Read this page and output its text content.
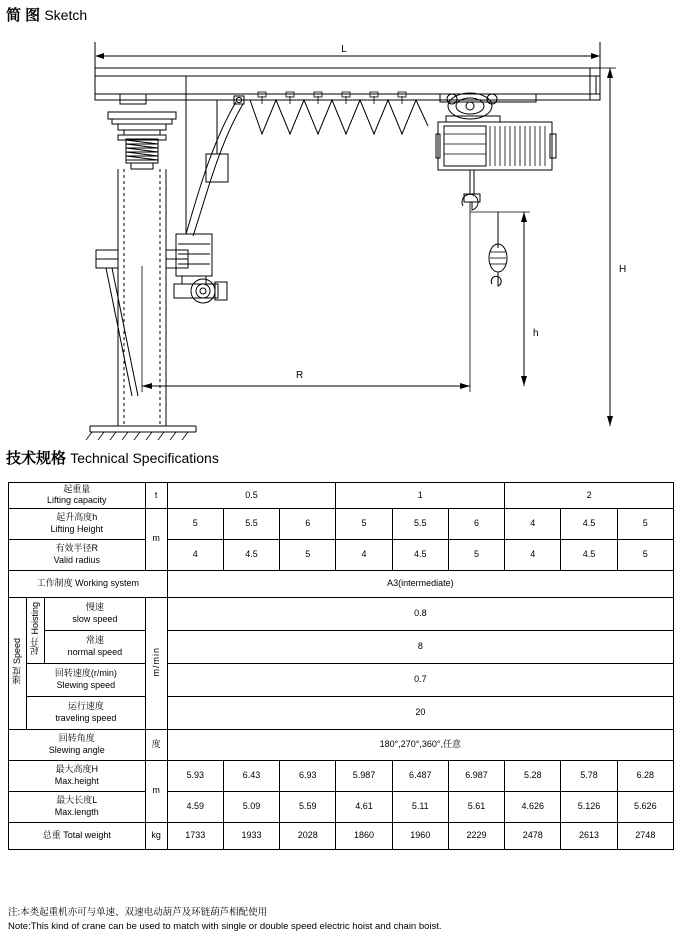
简 图 Sketch
L
H
h
R
技术规格 Technical Specifications
起重量
Lifting capacity			t	0.5			1			2		

起升高度h
Lifting Height			m	5	5.5	6	5	5.5	6	4	4.5	5

有效半径R
Valid radius				4	4.5	5	4	4.5	5	4	4.5	5
工作制度 Working system				A3(intermediate)								
速度 Speed	起升 Hoisting	慢速
slow speed	m/min	0.8								

		常速
normal speed		8								

	回转速度(r/min)
Slewing speed			0.7								

	运行速度
traveling speed			20								

回转角度
Slewing angle			度	180°,270°,360°,任意								

最大高度H
Max.height			m	5.93	6.43	6.93	5.987	6.487	6.987	5.28	5.78	6.28

最大长度L
Max.length				4.59	5.09	5.59	4.61	5.11	5.61	4.626	5.126	5.626
总重 Total weight			kg	1733	1933	2028	1860	1960	2229	2478	2613	2748
注:本类起重机亦可与单速、双速电动葫芦及环链葫芦相配使用
Note:This kind of crane can be used to match with single or double speed electric hoist and chain boist.
